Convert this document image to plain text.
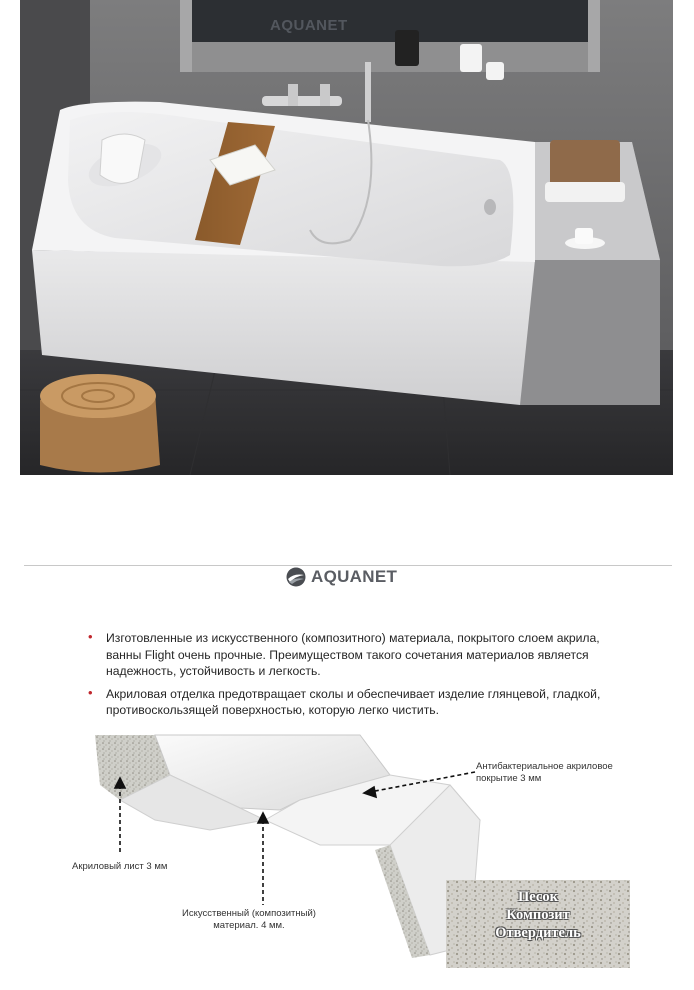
AQUANET
AQUANET
• Изготовленные из искусственного (композитного) материала, покрытого слоем акрила, ванны Flight очень прочные. Преимуществом такого сочетания материалов является надежность, устойчивость и легкость.
• Акриловая отделка предотвращает сколы и обеспечивает изделие глянцевой, гладкой, противоскользящей поверхностью, которую легко чистить.
Антибактериальное акриловое покрытие 3 мм
Акриловый лист 3 мм
Искусственный (композитный)
материал. 4 мм.
Песок
Композит
Отвердитель
